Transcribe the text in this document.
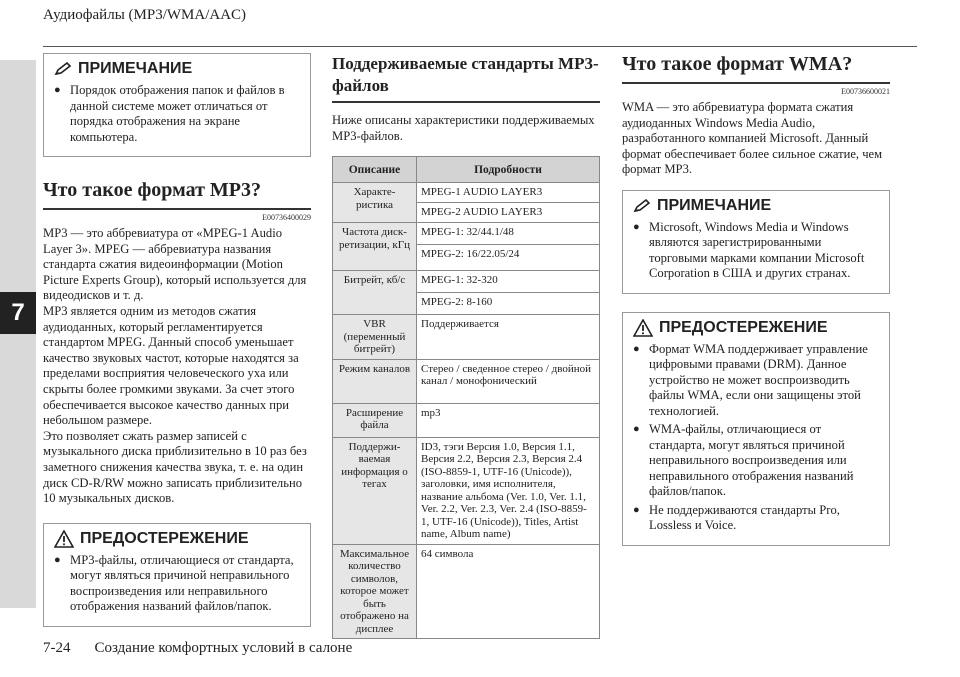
Аудиофайлы (MP3/WMA/AAC)
7
ПРИМЕЧАНИЕ
● Порядок отображения папок и файлов в данной системе может отличаться от порядка отображения на экране компьютера.
Что такое формат MP3?
E00736400029
MP3 — это аббревиатура от «MPEG-1 Audio Layer 3». MPEG — аббревиатура названия стандарта сжатия видеоинформации (Motion Picture Experts Group), который используется для видеодисков и т. д.
MP3 является одним из методов сжатия аудиоданных, который регламентируется стандартом MPEG. Данный способ уменьшает качество звуковых частот, которые находятся за пределами восприятия человеческого уха или скрыты более громкими звуками. За счет этого обеспечивается высокое качество данных при небольшом размере.
Это позволяет сжать размер записей с музыкального диска приблизительно в 10 раз без заметного снижения качества звука, т. е. на один диск CD-R/RW можно записать приблизительно 10 музыкальных дисков.
ПРЕДОСТЕРЕЖЕНИЕ
● MP3-файлы, отличающиеся от стандарта, могут являться причиной неправильного воспроизведения или неправильного отображения названий файлов/папок.
Поддерживаемые стандарты MP3-файлов
Ниже описаны характеристики поддерживаемых MP3-файлов.
Описание	Подробности
Характе-ристика	MPEG-1 AUDIO LAYER3
	MPEG-2 AUDIO LAYER3
Частота диск-ретизации, кГц	MPEG-1: 32/44.1/48
	MPEG-2: 16/22.05/24
Битрейт, кб/с	MPEG-1: 32-320
	MPEG-2: 8-160
VBR (переменный битрейт)	Поддерживается
Режим каналов	Стерео / сведенное стерео / двойной канал / монофонический
Расширение файла	mp3
Поддержи-ваемая информация о тегах	ID3, тэги Версия 1.0, Версия 1.1, Версия 2.2, Версия 2.3, Версия 2.4 (ISO-8859-1, UTF-16 (Unicode)), заголовки, имя исполнителя, название альбома (Ver. 1.0, Ver. 1.1, Ver. 2.2, Ver. 2.3, Ver. 2.4 (ISO-8859-1, UTF-16 (Unicode)), Titles, Artist name, Album name)
Максимальное количество символов, которое может быть отображено на дисплее	64 символа
Что такое формат WMA?
E00736600021
WMA — это аббревиатура формата сжатия аудиоданных Windows Media Audio, разработанного компанией Microsoft. Данный формат обеспечивает более сильное сжатие, чем формат MP3.
ПРИМЕЧАНИЕ
● Microsoft, Windows Media и Windows являются зарегистрированными торговыми марками компании Microsoft Corporation в США и других странах.
ПРЕДОСТЕРЕЖЕНИЕ
● Формат WMA поддерживает управление цифровыми правами (DRM). Данное устройство не может воспроизводить файлы WMA, если они защищены этой технологией.
● WMA-файлы, отличающиеся от стандарта, могут являться причиной неправильного воспроизведения или неправильного отображения названий файлов/папок.
● Не поддерживаются стандарты Pro, Lossless и Voice.
7-24 Создание комфортных условий в салоне
